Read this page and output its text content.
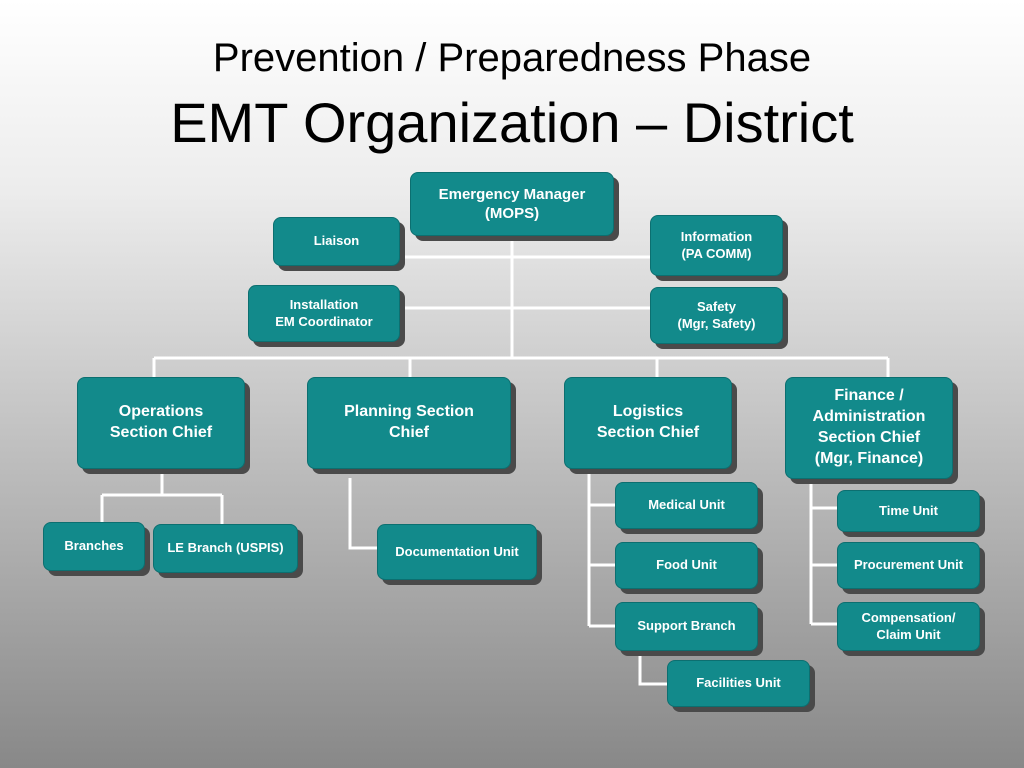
Prevention / Preparedness Phase
EMT Organization – District
Emergency Manager
(MOPS)
Liaison	Information
(PA COMM)
Installation
EM Coordinator
Safety
(Mgr, Safety)
Operations
Section Chief
Planning Section
Chief
Logistics
Section Chief
Finance /
Administration
Section Chief
(Mgr, Finance)
Branches	LE Branch (USPIS)	Documentation Unit
Medical Unit
Food Unit
Support Branch
Facilities Unit
Time Unit
Procurement Unit
Compensation/
Claim Unit
